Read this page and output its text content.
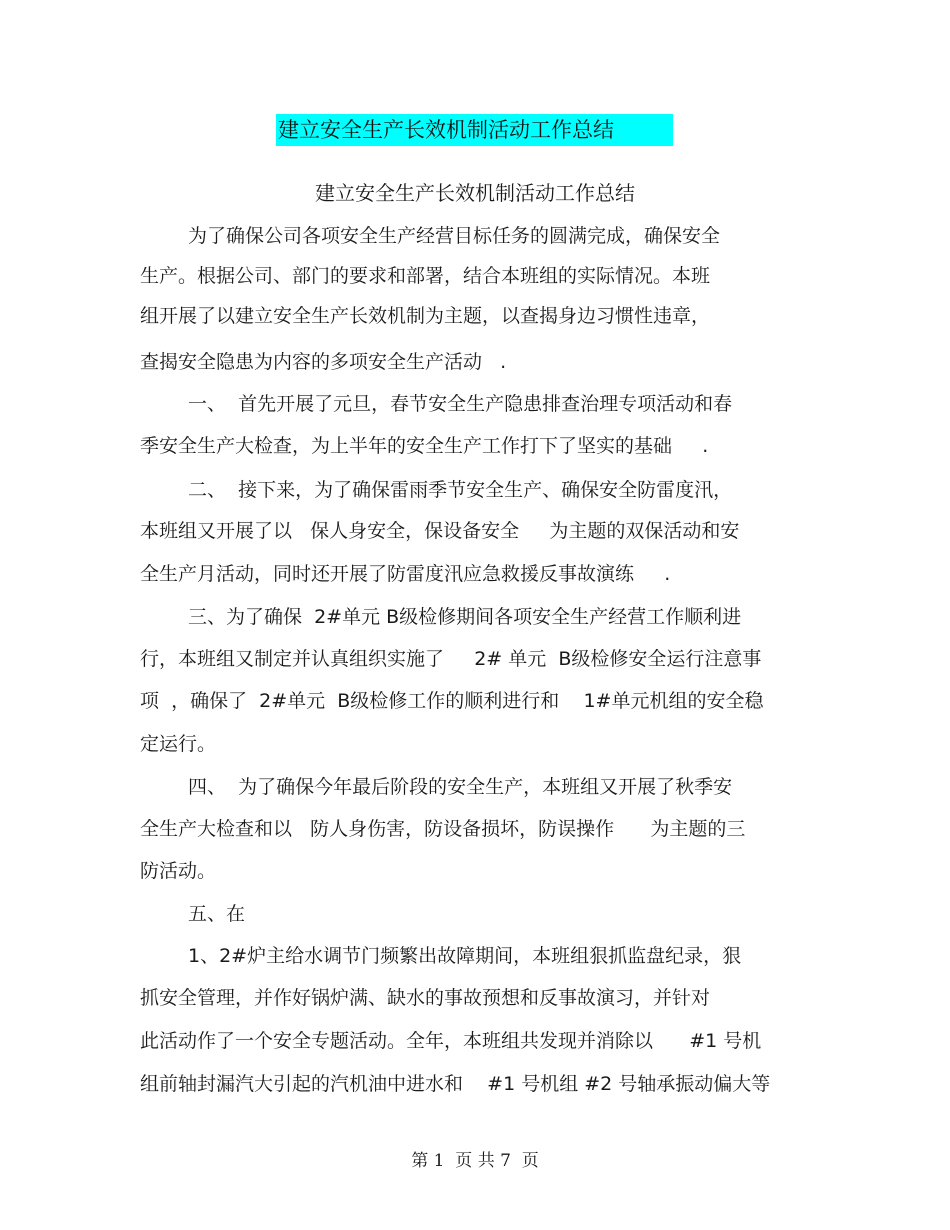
建立安全生产长效机制活动工作总结
建立安全生产长效机制活动工作总结
为了确保公司各项安全生产经营目标任务的圆满完成，确保安全
生产。根据公司、部门的要求和部署，结合本班组的实际情况。本班
组开展了以建立安全生产长效机制为主题，以查揭身边习惯性违章，
查揭安全隐患为内容的多项安全生产活动   .
一、  首先开展了元旦，春节安全生产隐患排查治理专项活动和春
季安全生产大检查，为上半年的安全生产工作打下了坚实的基础     .
二、  接下来，为了确保雷雨季节安全生产、确保安全防雷度汛，
本班组又开展了以   保人身安全，保设备安全     为主题的双保活动和安
全生产月活动，同时还开展了防雷度汛应急救援反事故演练     .
三、为了确保  2#单元 B级检修期间各项安全生产经营工作顺利进
行，本班组又制定并认真组织实施了     2# 单元  B级检修安全运行注意事
项  ，确保了  2#单元  B级检修工作的顺利进行和    1#单元机组的安全稳
定运行。
四、  为了确保今年最后阶段的安全生产，本班组又开展了秋季安
全生产大检查和以   防人身伤害，防设备损坏，防误操作      为主题的三
防活动。
五、在
1、2#炉主给水调节门频繁出故障期间，本班组狠抓监盘纪录，狠
抓安全管理，并作好锅炉满、缺水的事故预想和反事故演习，并针对
此活动作了一个安全专题活动。全年，本班组共发现并消除以      #1 号机
组前轴封漏汽大引起的汽机油中进水和    #1 号机组 #2 号轴承振动偏大等
第 1  页 共 7  页
